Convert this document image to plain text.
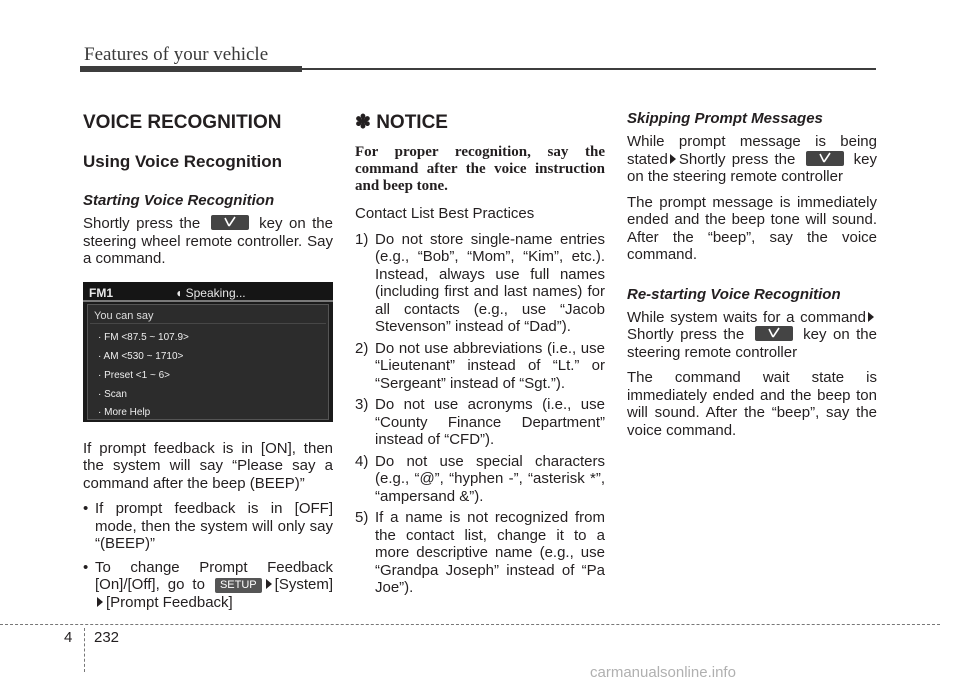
Features of your vehicle
VOICE RECOGNITION
Using Voice Recognition
Starting Voice Recognition

Shortly press the	key on the steering wheel remote controller. Say a command.

FM1	◖ Speaking...
You can say
· FM <87.5 ~ 107.9>
· AM <530 ~ 1710>
· Preset <1 ~ 6>
· Scan
· More Help

If prompt feedback is in [ON], then the system will say “Please say a command after the beep (BEEP)”

• If prompt feedback is in [OFF] mode, then the system will only say “(BEEP)”
• To change Prompt Feedback [On]/[Off], go to SETUP [System] [Prompt Feedback]
✽ NOTICE
For proper recognition, say the command after the voice instruction and beep tone.

Contact List Best Practices

1) Do not store single-name entries (e.g., “Bob”, “Mom”, “Kim”, etc.). Instead, always use full names (including first and last names) for all contacts (e.g., use “Jacob Stevenson” instead of “Dad”).
2) Do not use abbreviations (i.e., use “Lieutenant” instead of “Lt.” or “Sergeant” instead of “Sgt.”).
3) Do not use acronyms (i.e., use “County Finance Department” instead of “CFD”).
4) Do not use special characters (e.g., “@”, “hyphen -”, “asterisk *”, “ampersand &”).
5) If a name is not recognized from the contact list, change it to a more descriptive name (e.g., use “Grandpa Joseph” instead of “Pa Joe”).
Skipping Prompt Messages

While prompt message is being stated Shortly press the	key on the steering remote controller

The prompt message is immediately ended and the beep tone will sound. After the “beep”, say the voice command.

Re-starting Voice Recognition

While system waits for a command Shortly press the	key on the steering remote controller

The command wait state is immediately ended and the beep ton will sound. After the “beep”, say the voice command.

4 232
carmanualsonline.info
